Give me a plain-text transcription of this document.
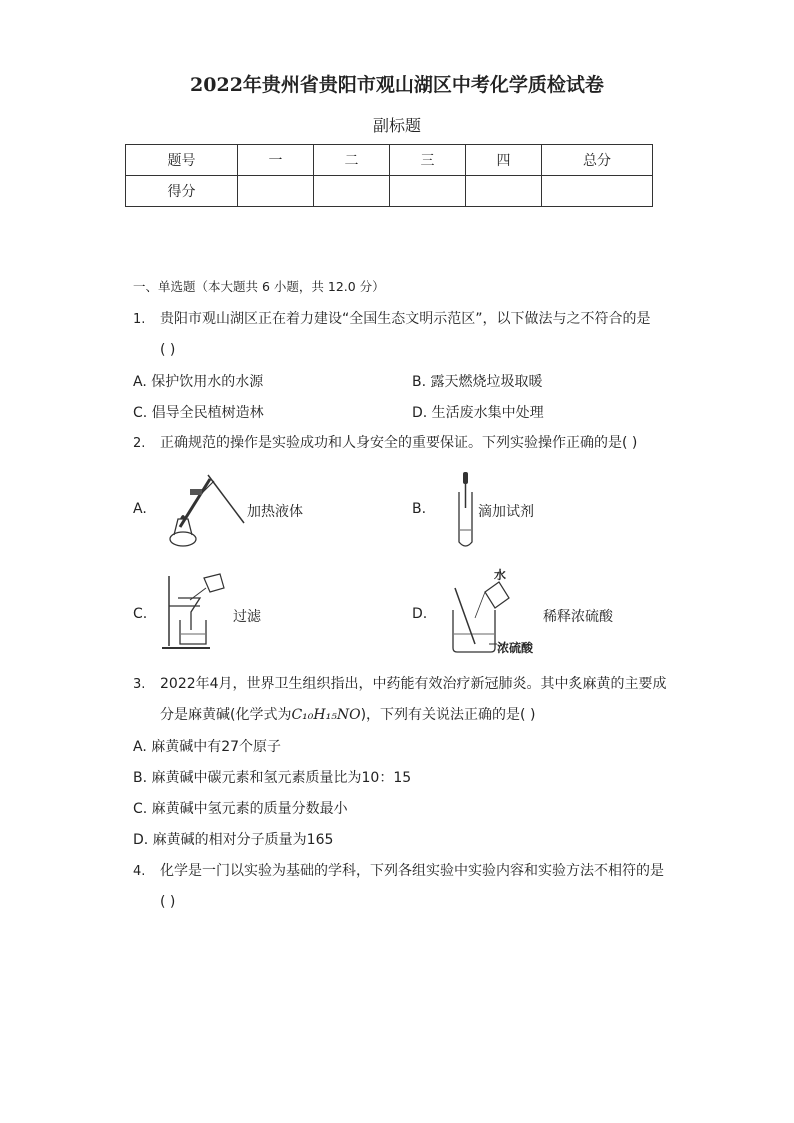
2022年贵州省贵阳市观山湖区中考化学质检试卷
副标题
题号	一	二	三	四	总分
得分					
一、单选题（本大题共 6 小题，共 12.0 分）
1. 贵阳市观山湖区正在着力建设“全国生态文明示范区”，以下做法与之不符合的是
( )
A. 保护饮用水的水源	B. 露天燃烧垃圾取暖
C. 倡导全民植树造林	D. 生活废水集中处理
2. 正确规范的操作是实验成功和人身安全的重要保证。下列实验操作正确的是( )
A.	加热液体	B.	滴加试剂
C.	过滤	D.
水
浓硫酸
稀释浓硫酸
3. 2022年4月，世界卫生组织指出，中药能有效治疗新冠肺炎。其中炙麻黄的主要成
分是麻黄碱(化学式为C₁₀H₁₅NO)，下列有关说法正确的是( )
A. 麻黄碱中有27个原子
B. 麻黄碱中碳元素和氢元素质量比为10：15
C. 麻黄碱中氢元素的质量分数最小
D. 麻黄碱的相对分子质量为165
4. 化学是一门以实验为基础的学科，下列各组实验中实验内容和实验方法不相符的是
( )
